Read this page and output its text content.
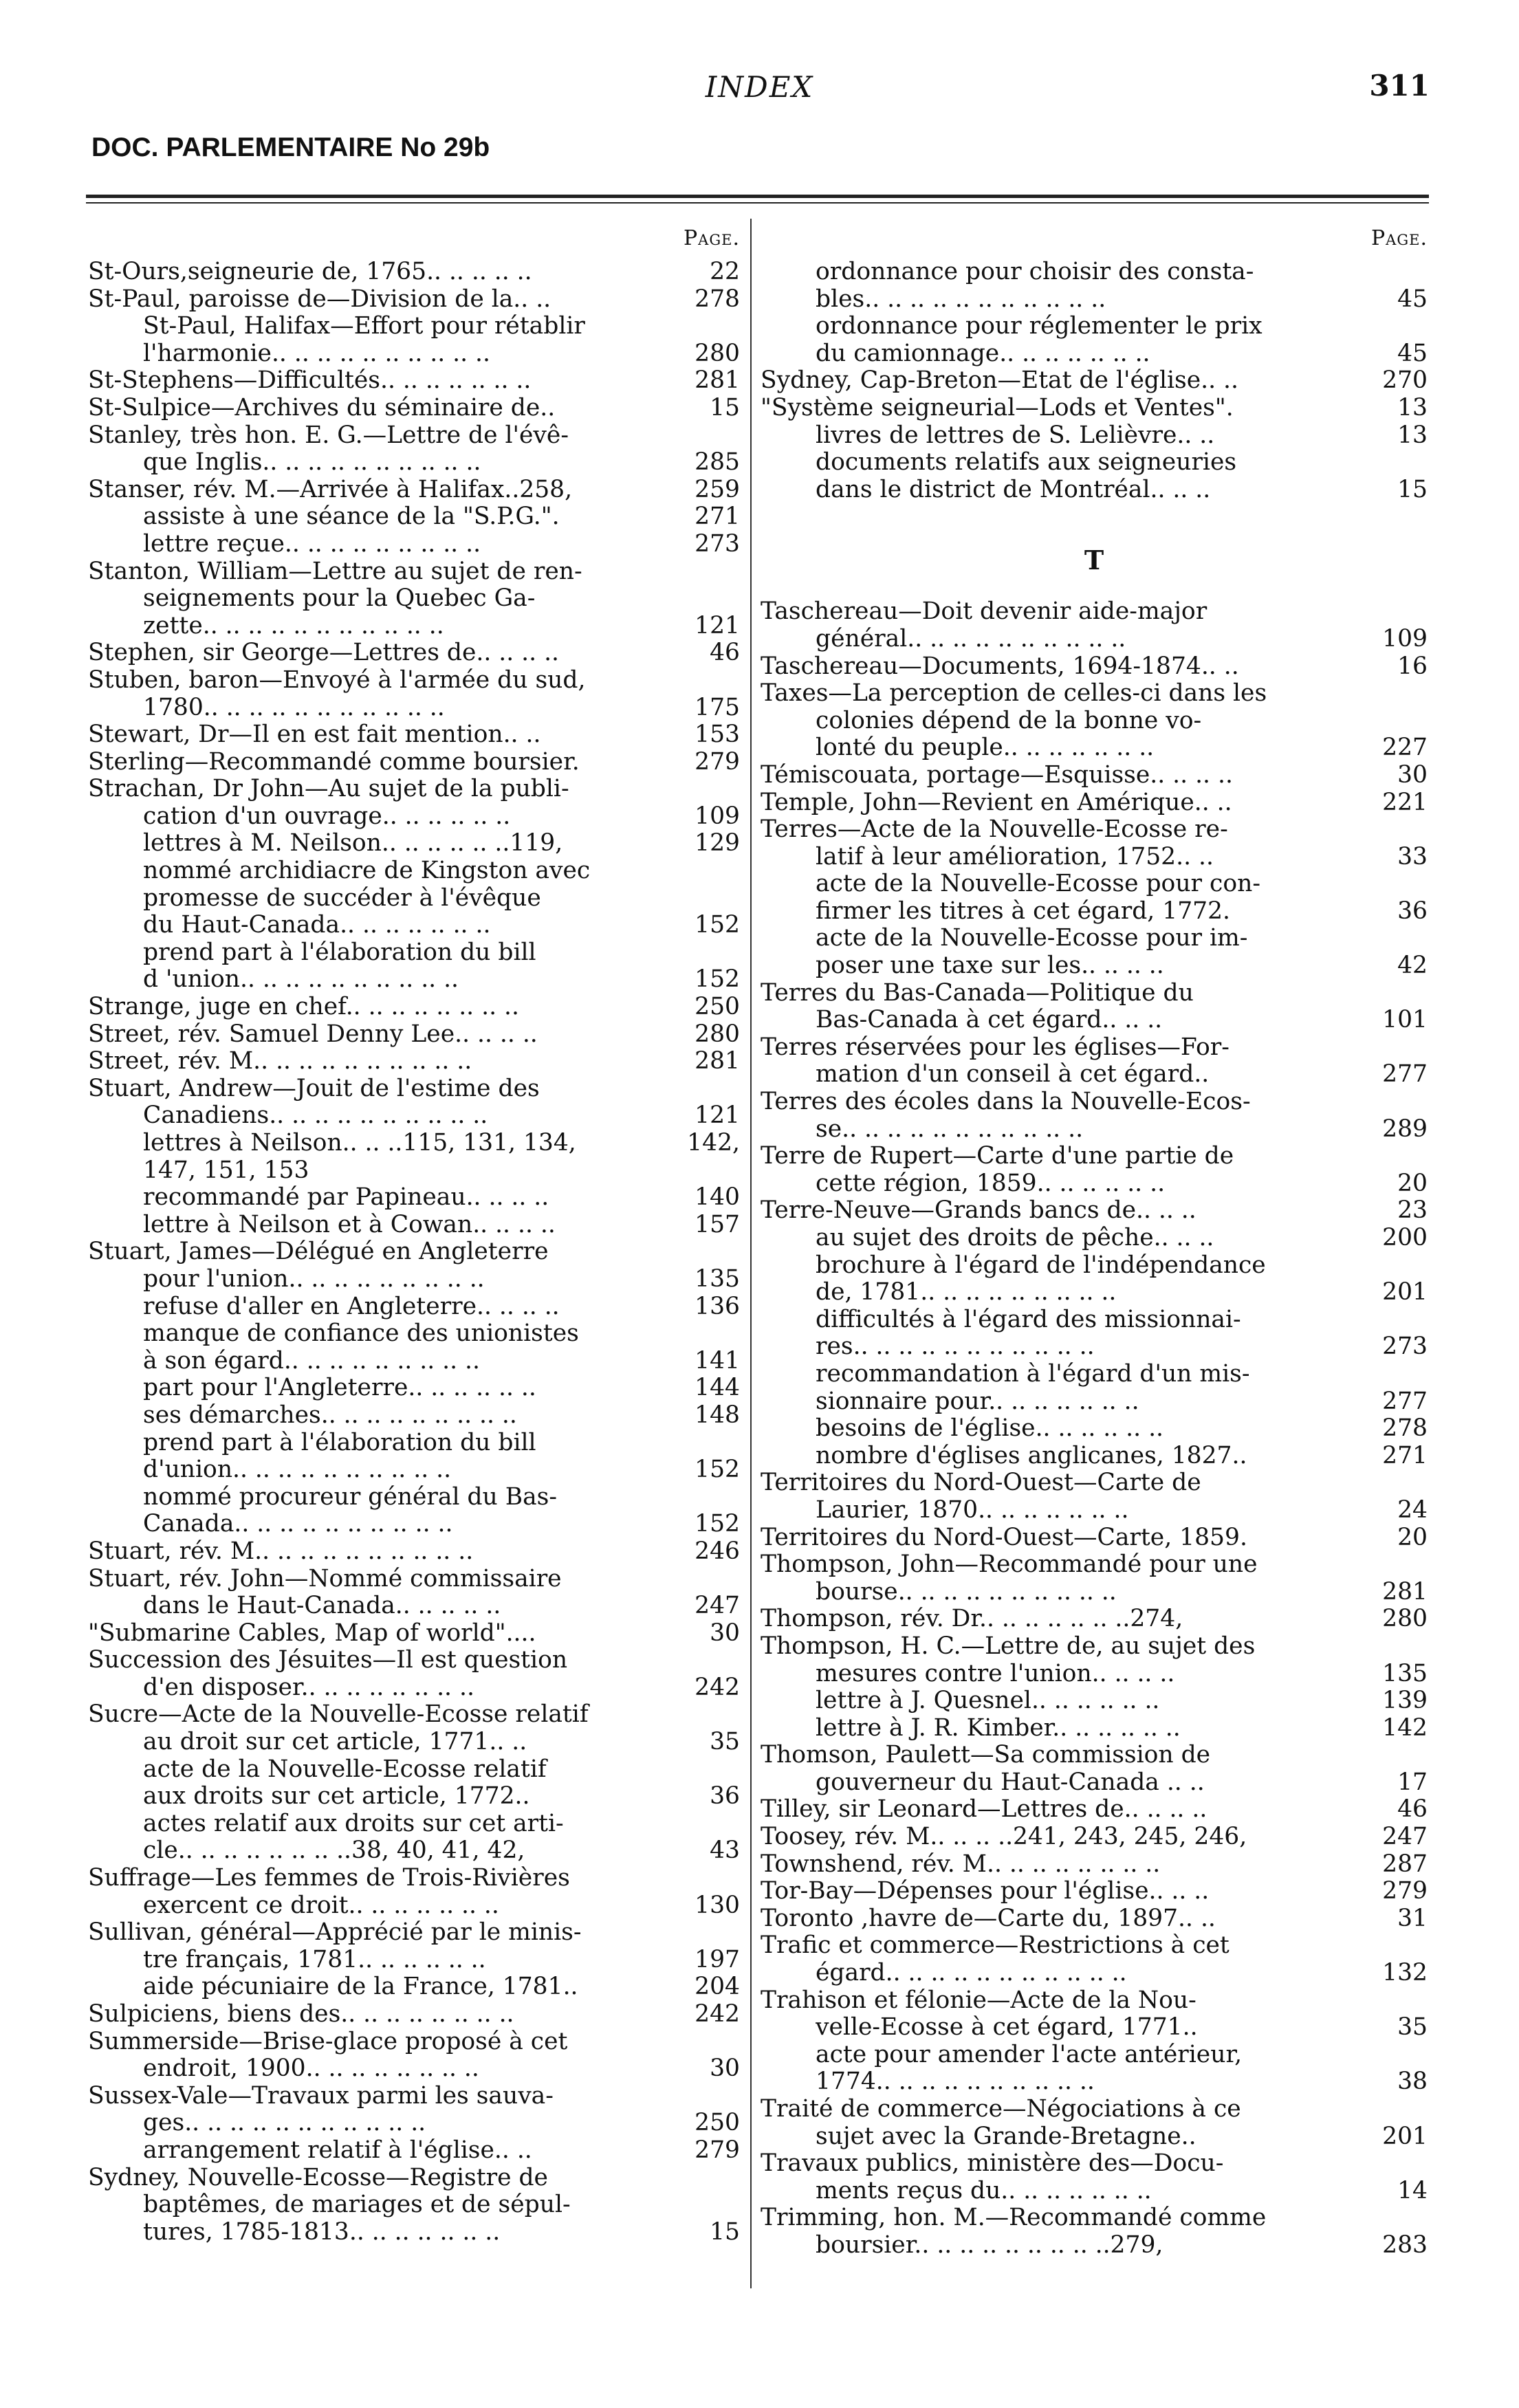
INDEX	311
DOC. PARLEMENTAIRE No 29b
Page.
St-Ours,seigneurie de, 1765.. .. .. .. ..	22
St-Paul, paroisse de—Division de la.. ..	278
St-Paul, Halifax—Effort pour rétablir
l'harmonie.. .. .. .. .. .. .. .. .. ..	280
St-Stephens—Difficultés.. .. .. .. .. .. ..	281
St-Sulpice—Archives du séminaire de..	15
Stanley, très hon. E. G.—Lettre de l'évê-
que Inglis.. .. .. .. .. .. .. .. .. ..	285
Stanser, rév. M.—Arrivée à Halifax..258,	259
assiste à une séance de la "S.P.G.".	271
lettre reçue.. .. .. .. .. .. .. .. ..	273
Stanton, William—Lettre au sujet de ren-
seignements pour la Quebec Ga-
zette.. .. .. .. .. .. .. .. .. .. ..	121
Stephen, sir George—Lettres de.. .. .. ..	46
Stuben, baron—Envoyé à l'armée du sud,
1780.. .. .. .. .. .. .. .. .. .. ..	175
Stewart, Dr—Il en est fait mention.. ..	153
Sterling—Recommandé comme boursier.	279
Strachan, Dr John—Au sujet de la publi-
cation d'un ouvrage.. .. .. .. .. ..	109
lettres à M. Neilson.. .. .. .. .. ..119,	129
nommé archidiacre de Kingston avec
promesse de succéder à l'évêque
du Haut-Canada.. .. .. .. .. .. ..	152
prend part à l'élaboration du bill
d 'union.. .. .. .. .. .. .. .. .. ..	152
Strange, juge en chef.. .. .. .. .. .. .. ..	250
Street, rév. Samuel Denny Lee.. .. .. ..	280
Street, rév. M.. .. .. .. .. .. .. .. .. ..	281
Stuart, Andrew—Jouit de l'estime des
Canadiens.. .. .. .. .. .. .. .. .. ..	121
lettres à Neilson.. .. ..115, 131, 134,	142,
147, 151, 153
recommandé par Papineau.. .. .. ..	140
lettre à Neilson et à Cowan.. .. .. ..	157
Stuart, James—Délégué en Angleterre
pour l'union.. .. .. .. .. .. .. .. ..	135
refuse d'aller en Angleterre.. .. .. ..	136
manque de confiance des unionistes
à son égard.. .. .. .. .. .. .. .. ..	141
part pour l'Angleterre.. .. .. .. .. ..	144
ses démarches.. .. .. .. .. .. .. .. ..	148
prend part à l'élaboration du bill
d'union.. .. .. .. .. .. .. .. .. ..	152
nommé procureur général du Bas-
Canada.. .. .. .. .. .. .. .. .. ..	152
Stuart, rév. M.. .. .. .. .. .. .. .. .. ..	246
Stuart, rév. John—Nommé commissaire
dans le Haut-Canada.. .. .. .. ..	247
"Submarine Cables, Map of world"....	30
Succession des Jésuites—Il est question
d'en disposer.. .. .. .. .. .. .. ..	242
Sucre—Acte de la Nouvelle-Ecosse relatif
au droit sur cet article, 1771.. ..	35
acte de la Nouvelle-Ecosse relatif
aux droits sur cet article, 1772..	36
actes relatif aux droits sur cet arti-
cle.. .. .. .. .. .. .. ..38, 40, 41, 42,	43
Suffrage—Les femmes de Trois-Rivières
exercent ce droit.. .. .. .. .. .. ..	130
Sullivan, général—Apprécié par le minis-
tre français, 1781.. .. .. .. .. ..	197
aide pécuniaire de la France, 1781..	204
Sulpiciens, biens des.. .. .. .. .. .. .. ..	242
Summerside—Brise-glace proposé à cet
endroit, 1900.. .. .. .. .. .. .. ..	30
Sussex-Vale—Travaux parmi les sauva-
ges.. .. .. .. .. .. .. .. .. .. ..	250
arrangement relatif à l'église.. ..	279
Sydney, Nouvelle-Ecosse—Registre de
baptêmes, de mariages et de sépul-
tures, 1785-1813.. .. .. .. .. .. ..	15
Page.
ordonnance pour choisir des consta-
bles.. .. .. .. .. .. .. .. .. .. ..	45
ordonnance pour réglementer le prix
du camionnage.. .. .. .. .. .. ..	45
Sydney, Cap-Breton—Etat de l'église.. ..	270
"Système seigneurial—Lods et Ventes".	13
livres de lettres de S. Lelièvre.. ..	13
documents relatifs aux seigneuries
dans le district de Montréal.. .. ..	15
T
Taschereau—Doit devenir aide-major
général.. .. .. .. .. .. .. .. .. ..	109
Taschereau—Documents, 1694-1874.. ..	16
Taxes—La perception de celles-ci dans les
colonies dépend de la bonne vo-
lonté du peuple.. .. .. .. .. .. ..	227
Témiscouata, portage—Esquisse.. .. .. ..	30
Temple, John—Revient en Amérique.. ..	221
Terres—Acte de la Nouvelle-Ecosse re-
latif à leur amélioration, 1752.. ..	33
acte de la Nouvelle-Ecosse pour con-
firmer les titres à cet égard, 1772.	36
acte de la Nouvelle-Ecosse pour im-
poser une taxe sur les.. .. .. ..	42
Terres du Bas-Canada—Politique du
Bas-Canada à cet égard.. .. ..	101
Terres réservées pour les églises—For-
mation d'un conseil à cet égard..	277
Terres des écoles dans la Nouvelle-Ecos-
se.. .. .. .. .. .. .. .. .. .. ..	289
Terre de Rupert—Carte d'une partie de
cette région, 1859.. .. .. .. .. ..	20
Terre-Neuve—Grands bancs de.. .. ..	23
au sujet des droits de pêche.. .. ..	200
brochure à l'égard de l'indépendance
de, 1781.. .. .. .. .. .. .. .. ..	201
difficultés à l'égard des missionnai-
res.. .. .. .. .. .. .. .. .. .. ..	273
recommandation à l'égard d'un mis-
sionnaire pour.. .. .. .. .. .. ..	277
besoins de l'église.. .. .. .. .. ..	278
nombre d'églises anglicanes, 1827..	271
Territoires du Nord-Ouest—Carte de
Laurier, 1870.. .. .. .. .. .. ..	24
Territoires du Nord-Ouest—Carte, 1859.	20
Thompson, John—Recommandé pour une
bourse.. .. .. .. .. .. .. .. .. ..	281
Thompson, rév. Dr.. .. .. .. .. .. ..274,	280
Thompson, H. C.—Lettre de, au sujet des
mesures contre l'union.. .. .. ..	135
lettre à J. Quesnel.. .. .. .. .. ..	139
lettre à J. R. Kimber.. .. .. .. .. ..	142
Thomson, Paulett—Sa commission de
gouverneur du Haut-Canada .. ..	17
Tilley, sir Leonard—Lettres de.. .. .. ..	46
Toosey, rév. M.. .. .. ..241, 243, 245, 246,	247
Townshend, rév. M.. .. .. .. .. .. .. ..	287
Tor-Bay—Dépenses pour l'église.. .. ..	279
Toronto ,havre de—Carte du, 1897.. ..	31
Trafic et commerce—Restrictions à cet
égard.. .. .. .. .. .. .. .. .. .. ..	132
Trahison et félonie—Acte de la Nou-
velle-Ecosse à cet égard, 1771..	35
acte pour amender l'acte antérieur,
1774.. .. .. .. .. .. .. .. .. ..	38
Traité de commerce—Négociations à ce
sujet avec la Grande-Bretagne..	201
Travaux publics, ministère des—Docu-
ments reçus du.. .. .. .. .. .. ..	14
Trimming, hon. M.—Recommandé comme
boursier.. .. .. .. .. .. .. .. ..279,	283
